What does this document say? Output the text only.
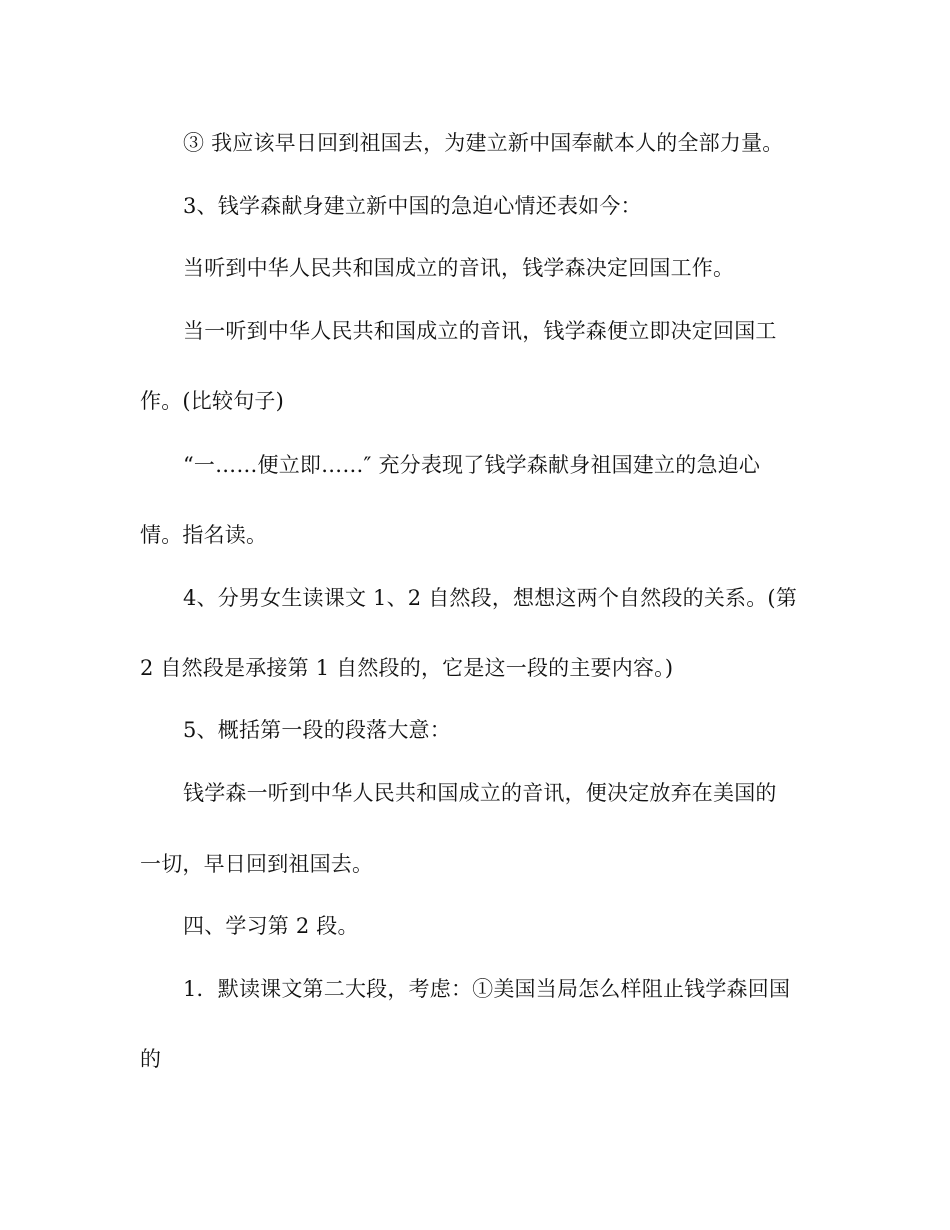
③ 我应该早日回到祖国去，为建立新中国奉献本人的全部力量。
3、钱学森献身建立新中国的急迫心情还表如今：
当听到中华人民共和国成立的音讯，钱学森决定回国工作。
当一听到中华人民共和国成立的音讯，钱学森便立即决定回国工
作。(比较句子)
“一……便立即……″ 充分表现了钱学森献身祖国建立的急迫心
情。指名读。
4、分男女生读课文 1、2 自然段，想想这两个自然段的关系。(第
2 自然段是承接第 1 自然段的，它是这一段的主要内容。)
5、概括第一段的段落大意：
钱学森一听到中华人民共和国成立的音讯，便决定放弃在美国的
一切，早日回到祖国去。
四、学习第 2 段。
1．默读课文第二大段，考虑：①美国当局怎么样阻止钱学森回国
的
